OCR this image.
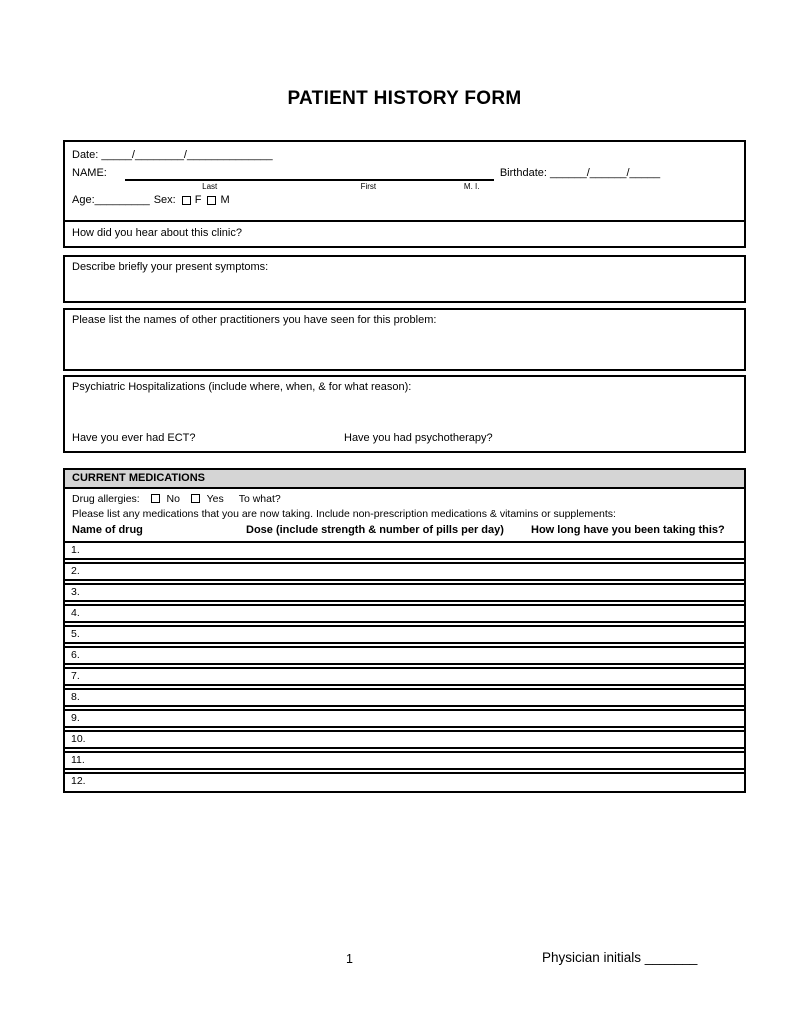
PATIENT HISTORY FORM
Date: _____/________/______________
NAME:
Last	First	M. I.
Birthdate: ______/______/_____
Age:_________ Sex: F M
How did you hear about this clinic?
Describe briefly your present symptoms:
Please list the names of other practitioners you have seen for this problem:
Psychiatric Hospitalizations (include where, when, & for what reason):
Have you ever had ECT?	Have you had psychotherapy?
CURRENT MEDICATIONS
Drug allergies:	No	Yes To what?
Please list any medications that you are now taking. Include non-prescription medications & vitamins or supplements:
Name of drug	Dose (include strength & number of pills per day)	How long have you been taking this?
1.
2.
3.
4.
5.
6.
7.
8.
9.
10.
11.
12.
1	Physician initials _______
